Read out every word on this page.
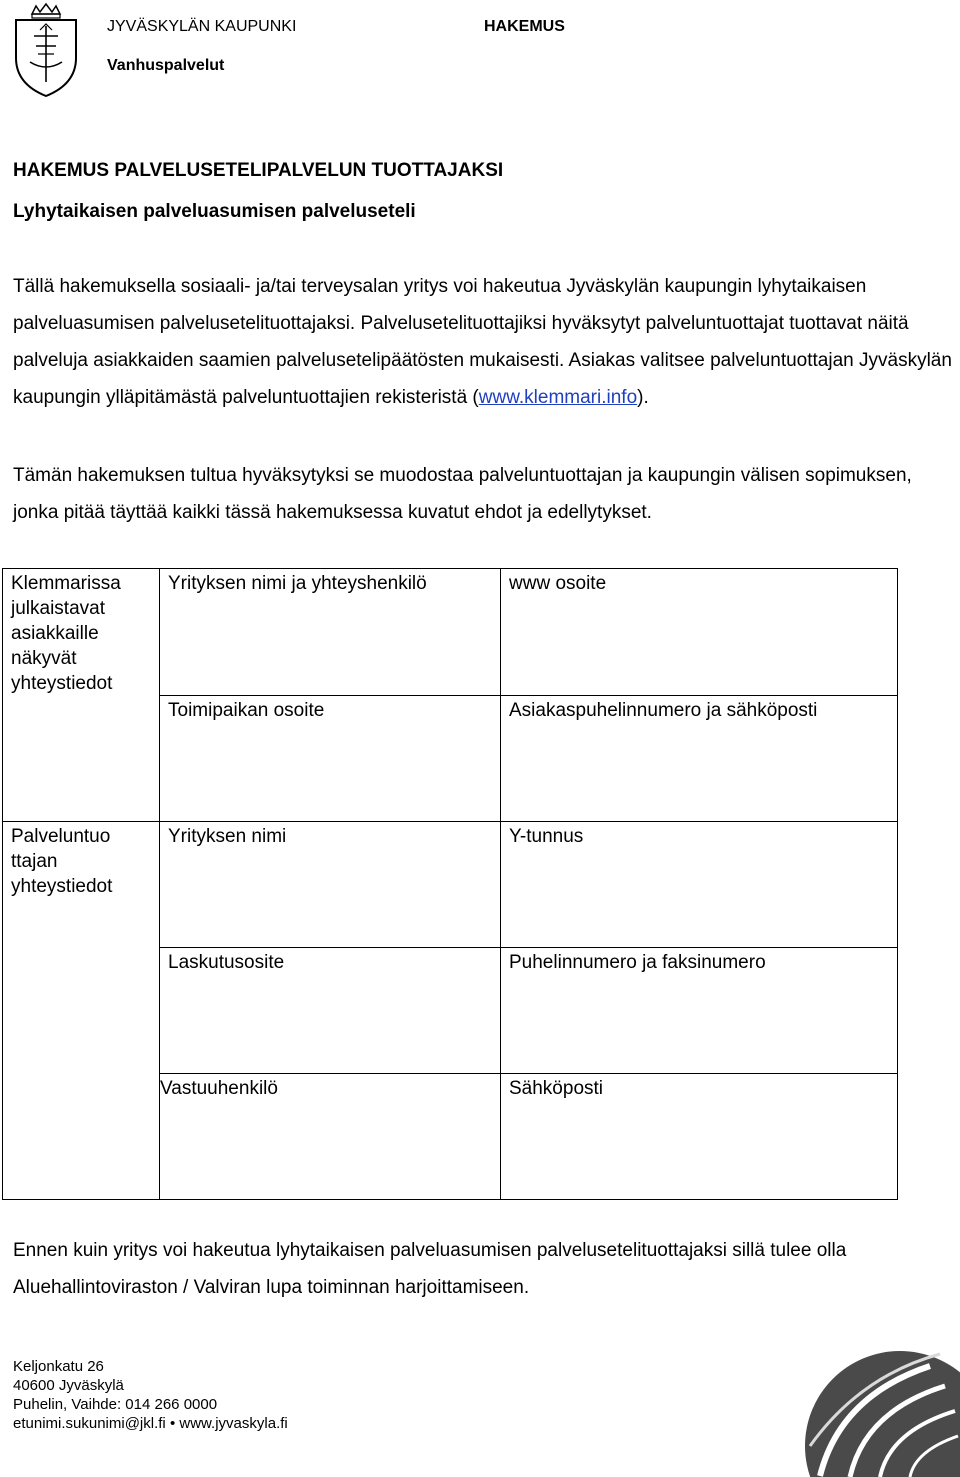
JYVÄSKYLÄN KAUPUNKI	HAKEMUS
Vanhuspalvelut
HAKEMUS PALVELUSETELIPALVELUN TUOTTAJAKSI
Lyhytaikaisen palveluasumisen palveluseteli
Tällä hakemuksella sosiaali- ja/tai terveysalan yritys voi hakeutua Jyväskylän kaupungin lyhytaikaisen palveluasumisen palvelusetelituottajaksi. Palvelusetelituottajiksi hyväksytyt palveluntuottajat tuottavat näitä palveluja asiakkaiden saamien palvelusetelipäätösten mukaisesti. Asiakas valitsee palveluntuottajan Jyväskylän kaupungin ylläpitämästä palveluntuottajien rekisteristä (www.klemmari.info).
Tämän hakemuksen tultua hyväksytyksi se muodostaa palveluntuottajan ja kaupungin välisen sopimuksen, jonka pitää täyttää kaikki tässä hakemuksessa kuvatut ehdot ja edellytykset.
Klemmarissa julkaistavat asiakkaille näkyvät yhteystiedot	Yrityksen nimi ja yhteyshenkilö	www osoite
	Toimipaikan osoite	Asiakaspuhelinnumero ja sähköposti
Palveluntuo ttajan yhteystiedot	Yrityksen nimi	Y-tunnus
	Laskutusosite	Puhelinnumero ja faksinumero
	Vastuuhenkilö	Sähköposti
Ennen kuin yritys voi hakeutua lyhytaikaisen palveluasumisen palvelusetelituottajaksi sillä tulee olla Aluehallintoviraston / Valviran lupa toiminnan harjoittamiseen.
Keljonkatu 26
40600 Jyväskylä
Puhelin, Vaihde: 014 266 0000
etunimi.sukunimi@jkl.fi • www.jyvaskyla.fi
